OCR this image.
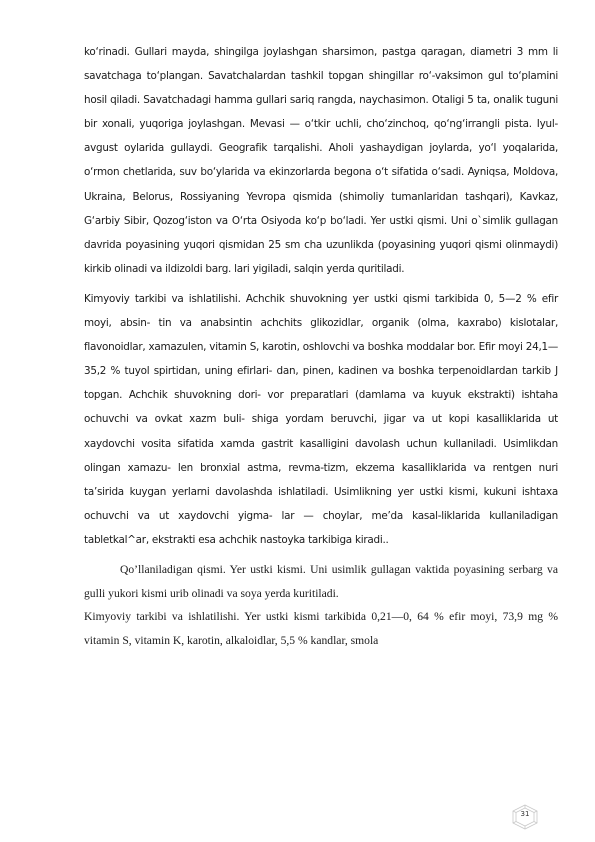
ko‘rinadi. Gullari mayda, shingilga joylashgan sharsimon, pastga qaragan, diametri 3 mm li savatchaga to‘plangan. Savatchalardan tashkil topgan shingillar ro‘-vaksimon gul to‘plamini hosil qiladi. Savatchadagi hamma gullari sariq rangda, naychasimon. Otaligi 5 ta, onalik tuguni bir xonali, yuqoriga joylashgan. Mevasi — o‘tkir uchli, cho‘zinchoq, qo‘ng‘irrangli pista. Iyul-avgust oylarida gullaydi. Geografik tarqalishi. Aholi yashaydigan joylarda, yo‘l yoqalarida, o‘rmon chetlarida, suv bo‘ylarida va ekinzorlarda begona o‘t sifatida o‘sadi. Ayniqsa, Moldova, Ukraina, Belorus, Rossiyaning Yevropa qismida (shimoliy tumanlaridan tashqari), Kavkaz, G‘arbiy Sibir, Qozog‘iston va O‘rta Osiyoda ko‘p bo‘ladi. Yer ustki qismi. Uni o`simlik gullagan davrida poyasining yuqori qismidan 25 sm cha uzunlikda (poyasining yuqori qismi olinmaydi) kirkib olinadi va ildizoldi barg. lari yigiladi, salqin yerda quritiladi.

Kimyoviy tarkibi va ishlatilishi. Achchik shuvokning yer ustki qismi tarkibida 0, 5—2 % efir moyi, absin- tin va anabsintin achchits glikozidlar, organik (olma, kaxrabo) kislotalar, flavonoidlar, xamazulen, vitamin S, karotin, oshlovchi va boshka moddalar bor. Efir moyi 24,1—35,2 % tuyol spirtidan, uning efirlari- dan, pinen, kadinen va boshka terpenoidlardan tarkib J topgan. Achchik shuvokning dori- vor preparatlari (damlama va kuyuk ekstrakti) ishtaha ochuvchi va ovkat xazm buli- shiga yordam beruvchi, jigar va ut kopi kasalliklarida ut xaydovchi vosita sifatida xamda gastrit kasalligini davolash uchun kullaniladi. Usimlikdan olingan xamazu- len bronxial astma, revma-tizm, ekzema kasalliklarida va rentgen nuri ta’sirida kuygan yerlarni davolashda ishlatiladi. Usimlikning yer ustki kismi, kukuni ishtaxa ochuvchi va ut xaydovchi yigma- lar — choylar, me’da kasal-liklarida kullaniladigan tabletkal^ar, ekstrakti esa achchik nastoyka tarkibiga kiradi..

Qo’llaniladigan qismi. Yer ustki kismi. Uni usimlik gullagan vaktida poyasining serbarg va gulli yukori kismi urib olinadi va soya yerda kuritiladi.

Kimyoviy tarkibi va ishlatilishi. Yer ustki kismi tarkibida 0,21—0, 64 % efir moyi, 73,9 mg % vitamin S, vitamin K, karotin, alkaloidlar, 5,5 % kandlar, smola

31
